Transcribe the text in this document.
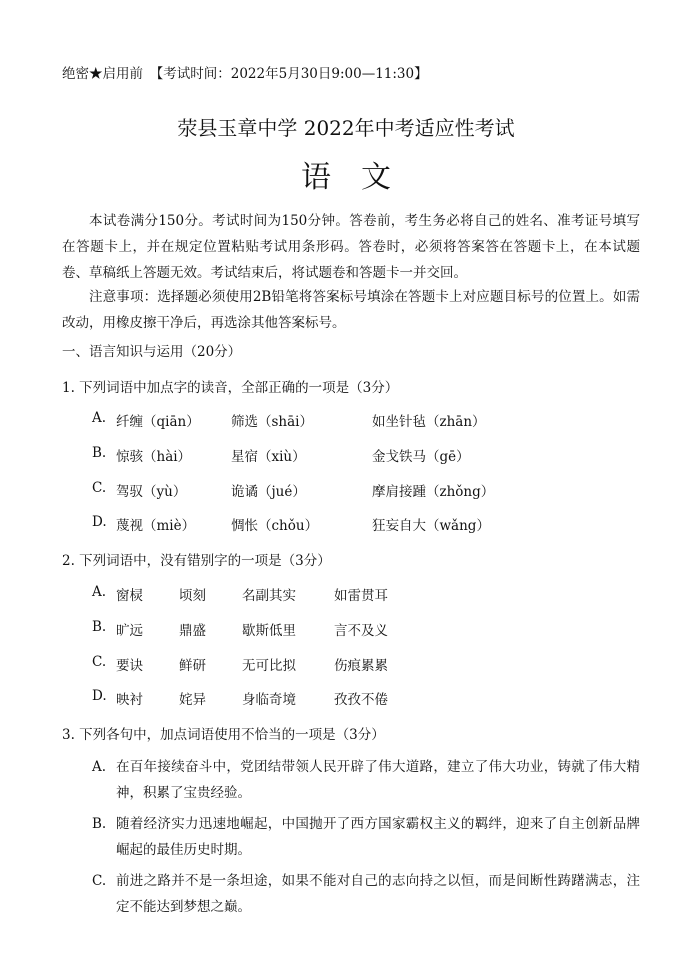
绝密★启用前　【考试时间：2022年5月30日9:00—11:30】
荥县玉章中学 2022年中考适应性考试
语文
本试卷满分150分。考试时间为150分钟。答卷前，考生务必将自己的姓名、准考证号填写在答题卡上，并在规定位置粘贴考试用条形码。答卷时，必须将答案答在答题卡上，在本试题卷、草稿纸上答题无效。考试结束后，将试题卷和答题卡一并交回。
注意事项：选择题必须使用2B铅笔将答案标号填涂在答题卡上对应题目标号的位置上。如需改动，用橡皮擦干净后，再选涂其他答案标号。
一、语言知识与运用（20分）
1. 下列词语中加点字的读音，全部正确的一项是（3分）
A. 纤缠（qiān） 筛选（shāi）	如坐针毡（zhān）
B. 惊骇（hài）	星宿（xiù）	金戈铁马（gē）
C. 驾驭（yù）	诡谲（jué）	摩肩接踵（zhǒng）
D. 蔑视（miè）	惆怅（chǒu）	狂妄自大（wǎng）
2. 下列词语中，没有错别字的一项是（3分）
A. 窗棂	顷刻	名副其实	如雷贯耳
B. 旷远	鼎盛	歇斯低里	言不及义
C. 要诀	鲜研	无可比拟	伤痕累累
D. 映衬	姹异	身临奇境	孜孜不倦
3. 下列各句中，加点词语使用不恰当的一项是（3分）
A. 在百年接续奋斗中，党团结带领人民开辟了伟大道路，建立了伟大功业，铸就了伟大精神，积累了宝贵经验。
B. 随着经济实力迅速地崛起，中国抛开了西方国家霸权主义的羁绊，迎来了自主创新品牌崛起的最佳历史时期。
C. 前进之路并不是一条坦途，如果不能对自己的志向持之以恒，而是间断性踌躇满志，注定不能达到梦想之巅。
